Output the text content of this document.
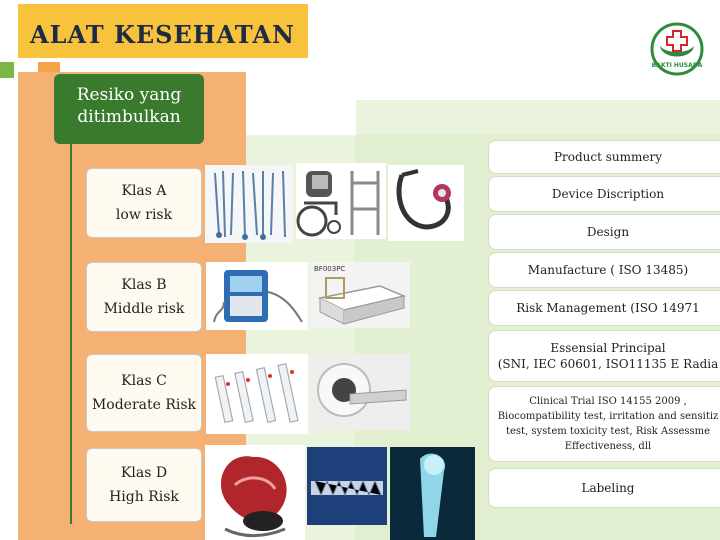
ALAT KESEHATAN
BAKTI HUSADA
Resiko yang
ditimbulkan
Klas A
low risk
Klas B
Middle risk
Klas C
Moderate Risk
Klas D
High Risk
BF003PC
Product summery
Device Discription
Design
Manufacture ( ISO 13485)
Risk Management (ISO 14971
Essensial Principal
(SNI, IEC 60601, ISO11135 E Radia
Clinical Trial ISO 14155 2009 ,
Biocompatibility test, irritation and sensitiz
test, system toxicity test, Risk Assessme
Effectiveness, dll
Labeling
